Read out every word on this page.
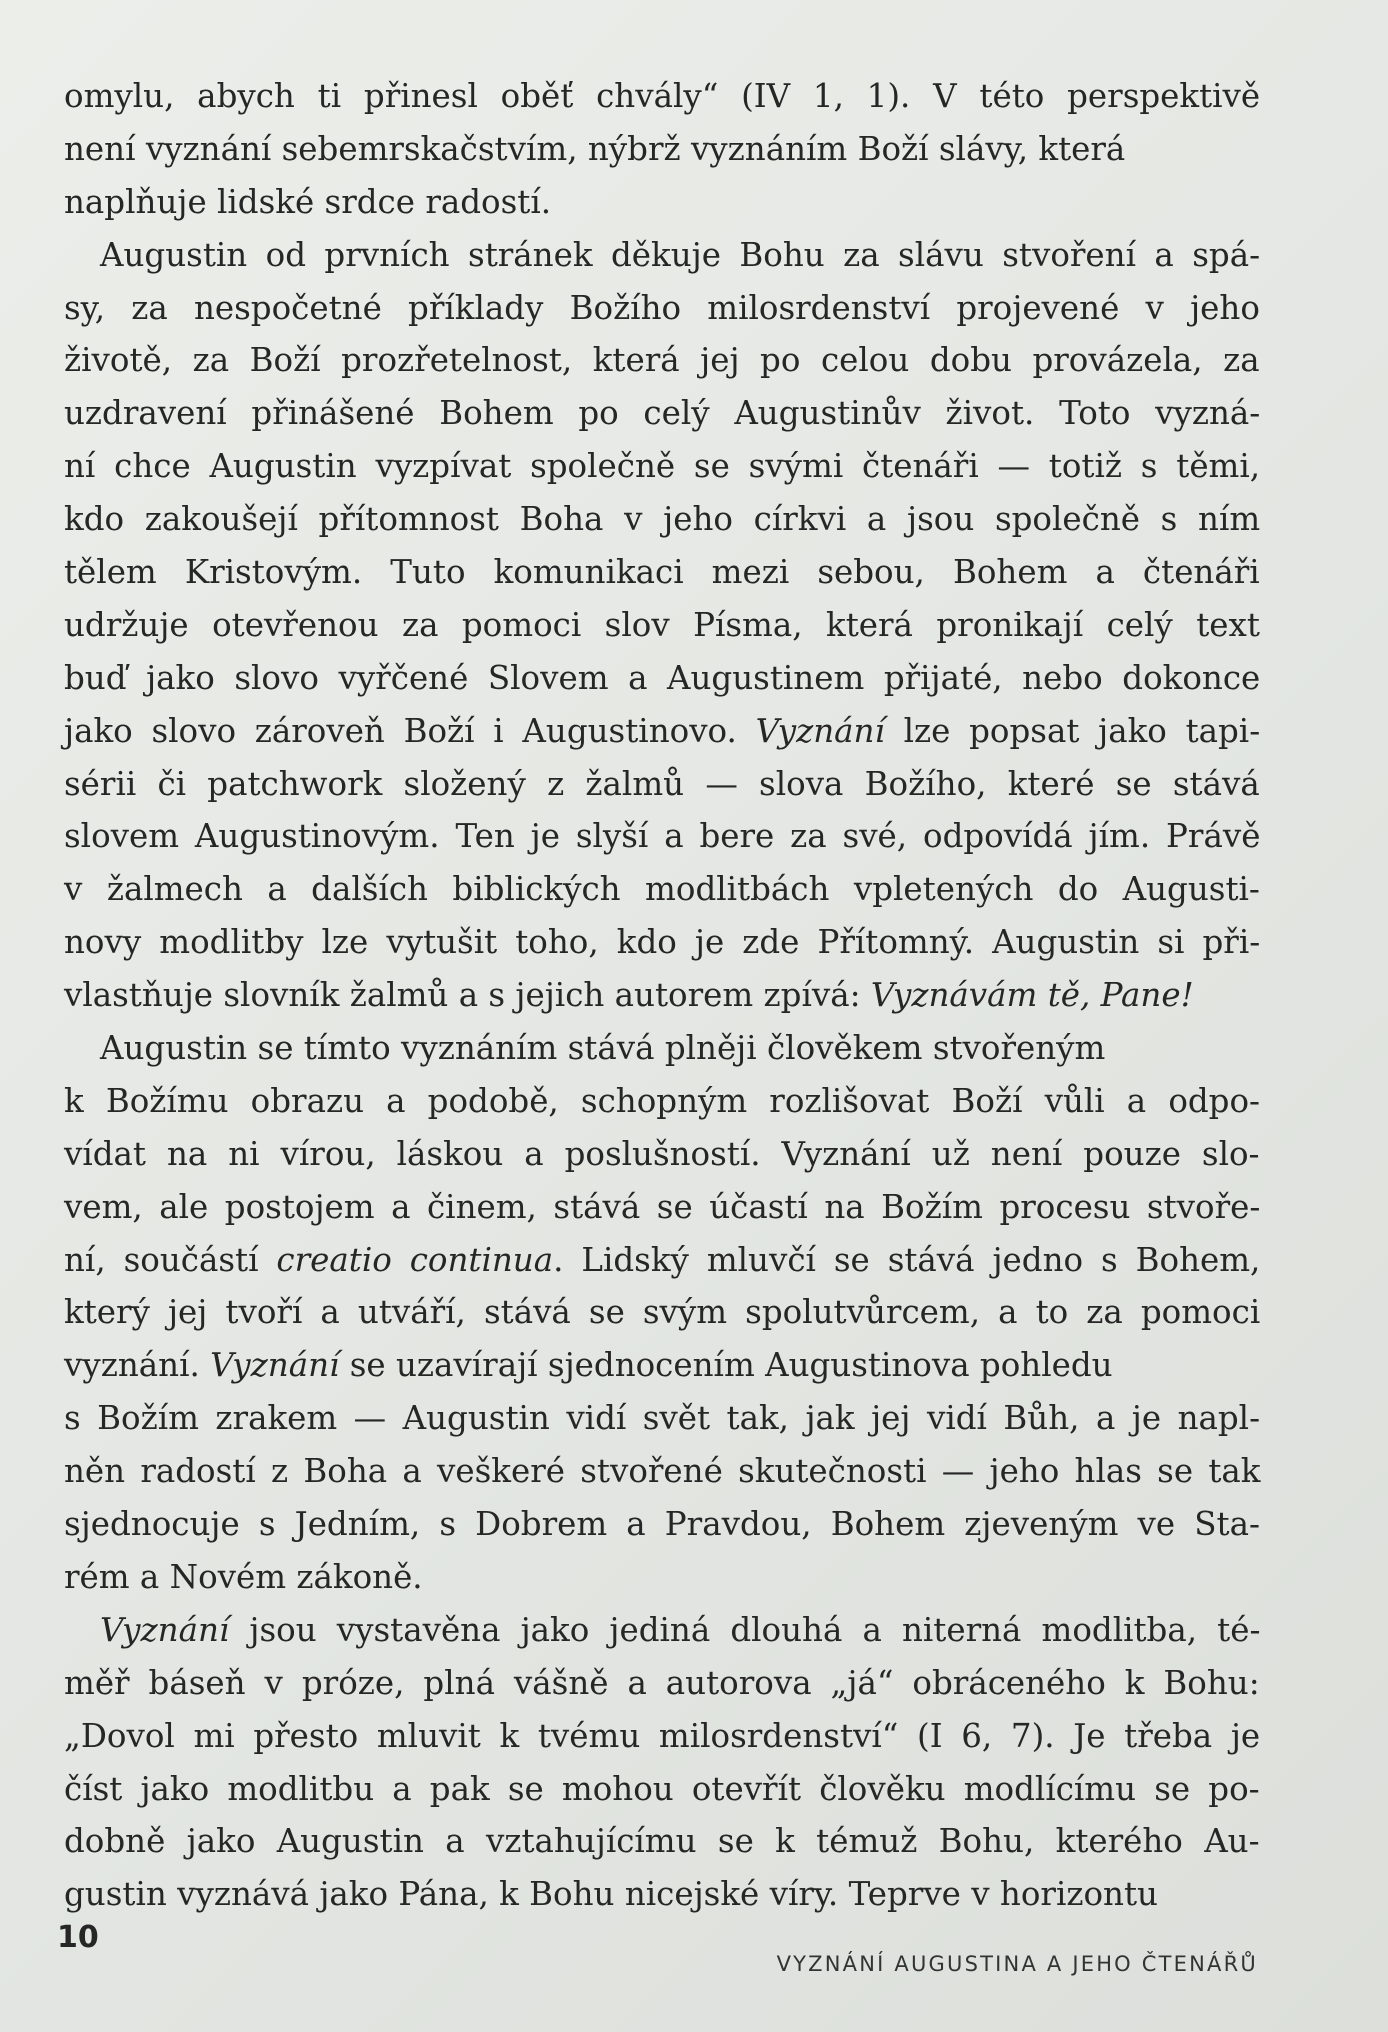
omylu, abych ti přinesl oběť chvály“ (IV 1, 1). V této perspektivě
není vyznání sebemrskačstvím, nýbrž vyznáním Boží slávy, která
naplňuje lidské srdce radostí.
Augustin od prvních stránek děkuje Bohu za slávu stvoření a spá-
sy, za nespočetné příklady Božího milosrdenství projevené v jeho
životě, za Boží prozřetelnost, která jej po celou dobu provázela, za
uzdravení přinášené Bohem po celý Augustinův život. Toto vyzná-
ní chce Augustin vyzpívat společně se svými čtenáři — totiž s těmi,
kdo zakoušejí přítomnost Boha v jeho církvi a jsou společně s ním
tělem Kristovým. Tuto komunikaci mezi sebou, Bohem a čtenáři
udržuje otevřenou za pomoci slov Písma, která pronikají celý text
buď jako slovo vyřčené Slovem a Augustinem přijaté, nebo dokonce
jako slovo zároveň Boží i Augustinovo. Vyznání lze popsat jako tapi-
sérii či patchwork složený z žalmů — slova Božího, které se stává
slovem Augustinovým. Ten je slyší a bere za své, odpovídá jím. Právě
v žalmech a dalších biblických modlitbách vpletených do Augusti-
novy modlitby lze vytušit toho, kdo je zde Přítomný. Augustin si při-
vlastňuje slovník žalmů a s jejich autorem zpívá: Vyznávám tě, Pane!
Augustin se tímto vyznáním stává plněji člověkem stvořeným
k Božímu obrazu a podobě, schopným rozlišovat Boží vůli a odpo-
vídat na ni vírou, láskou a poslušností. Vyznání už není pouze slo-
vem, ale postojem a činem, stává se účastí na Božím procesu stvoře-
ní, součástí creatio continua. Lidský mluvčí se stává jedno s Bohem,
který jej tvoří a utváří, stává se svým spolutvůrcem, a to za pomoci
vyznání. Vyznání se uzavírají sjednocením Augustinova pohledu
s Božím zrakem — Augustin vidí svět tak, jak jej vidí Bůh, a je napl-
něn radostí z Boha a veškeré stvořené skutečnosti — jeho hlas se tak
sjednocuje s Jedním, s Dobrem a Pravdou, Bohem zjeveným ve Sta-
rém a Novém zákoně.
Vyznání jsou vystavěna jako jediná dlouhá a niterná modlitba, té-
měř báseň v próze, plná vášně a autorova „já“ obráceného k Bohu:
„Dovol mi přesto mluvit k tvému milosrdenství“ (I 6, 7). Je třeba je
číst jako modlitbu a pak se mohou otevřít člověku modlícímu se po-
dobně jako Augustin a vztahujícímu se k témuž Bohu, kterého Au-
gustin vyznává jako Pána, k Bohu nicejské víry. Teprve v horizontu
10
VYZNÁNÍ AUGUSTINA A JEHO ČTENÁŘŮ
